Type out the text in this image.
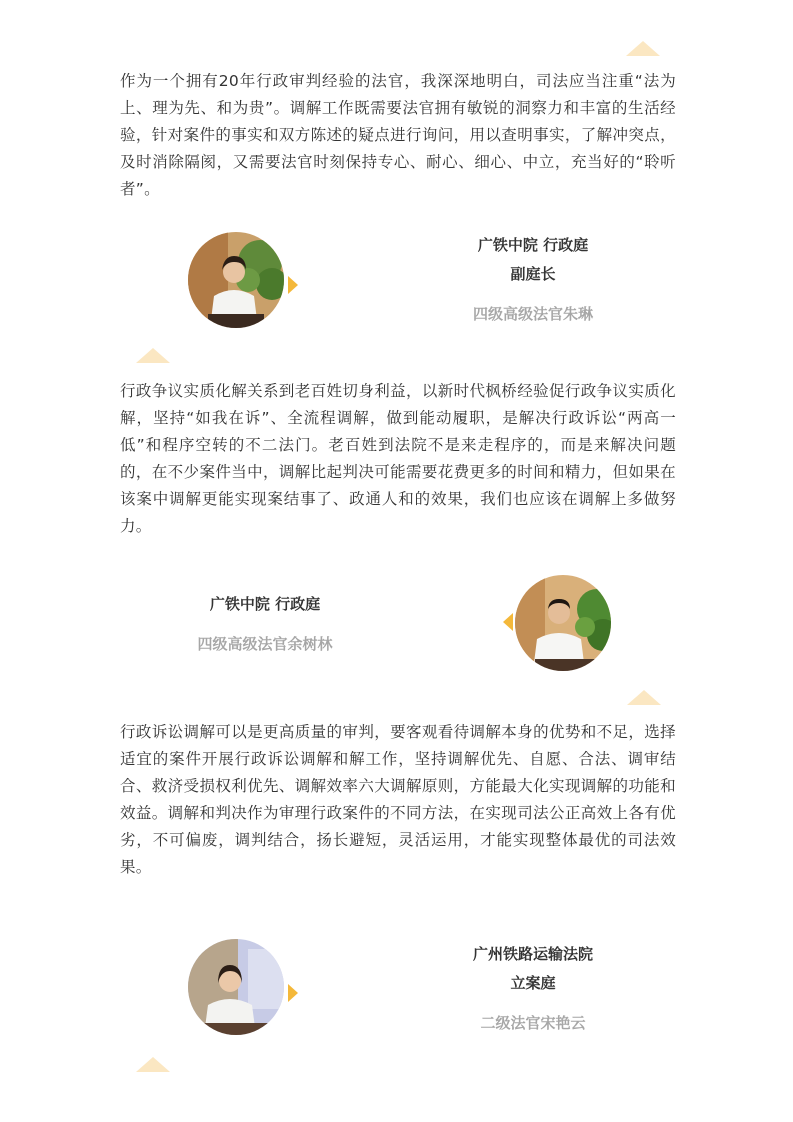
作为一个拥有20年行政审判经验的法官，我深深地明白，司法应当注重“法为上、理为先、和为贵”。调解工作既需要法官拥有敏锐的洞察力和丰富的生活经验，针对案件的事实和双方陈述的疑点进行询问，用以查明事实，了解冲突点，及时消除隔阂，又需要法官时刻保持专心、耐心、细心、中立，充当好的“聆听者”。

广铁中院 行政庭
副庭长
四级高级法官朱琳

行政争议实质化解关系到老百姓切身利益，以新时代枫桥经验促行政争议实质化解，坚持“如我在诉”、全流程调解，做到能动履职，是解决行政诉讼“两高一低”和程序空转的不二法门。老百姓到法院不是来走程序的，而是来解决问题的，在不少案件当中，调解比起判决可能需要花费更多的时间和精力，但如果在该案中调解更能实现案结事了、政通人和的效果，我们也应该在调解上多做努力。

广铁中院 行政庭
四级高级法官余树林

行政诉讼调解可以是更高质量的审判，要客观看待调解本身的优势和不足，选择适宜的案件开展行政诉讼调解和解工作，坚持调解优先、自愿、合法、调审结合、救济受损权利优先、调解效率六大调解原则，方能最大化实现调解的功能和效益。调解和判决作为审理行政案件的不同方法，在实现司法公正高效上各有优劣，不可偏废，调判结合，扬长避短，灵活运用，才能实现整体最优的司法效果。

广州铁路运输法院
立案庭
二级法官宋艳云
